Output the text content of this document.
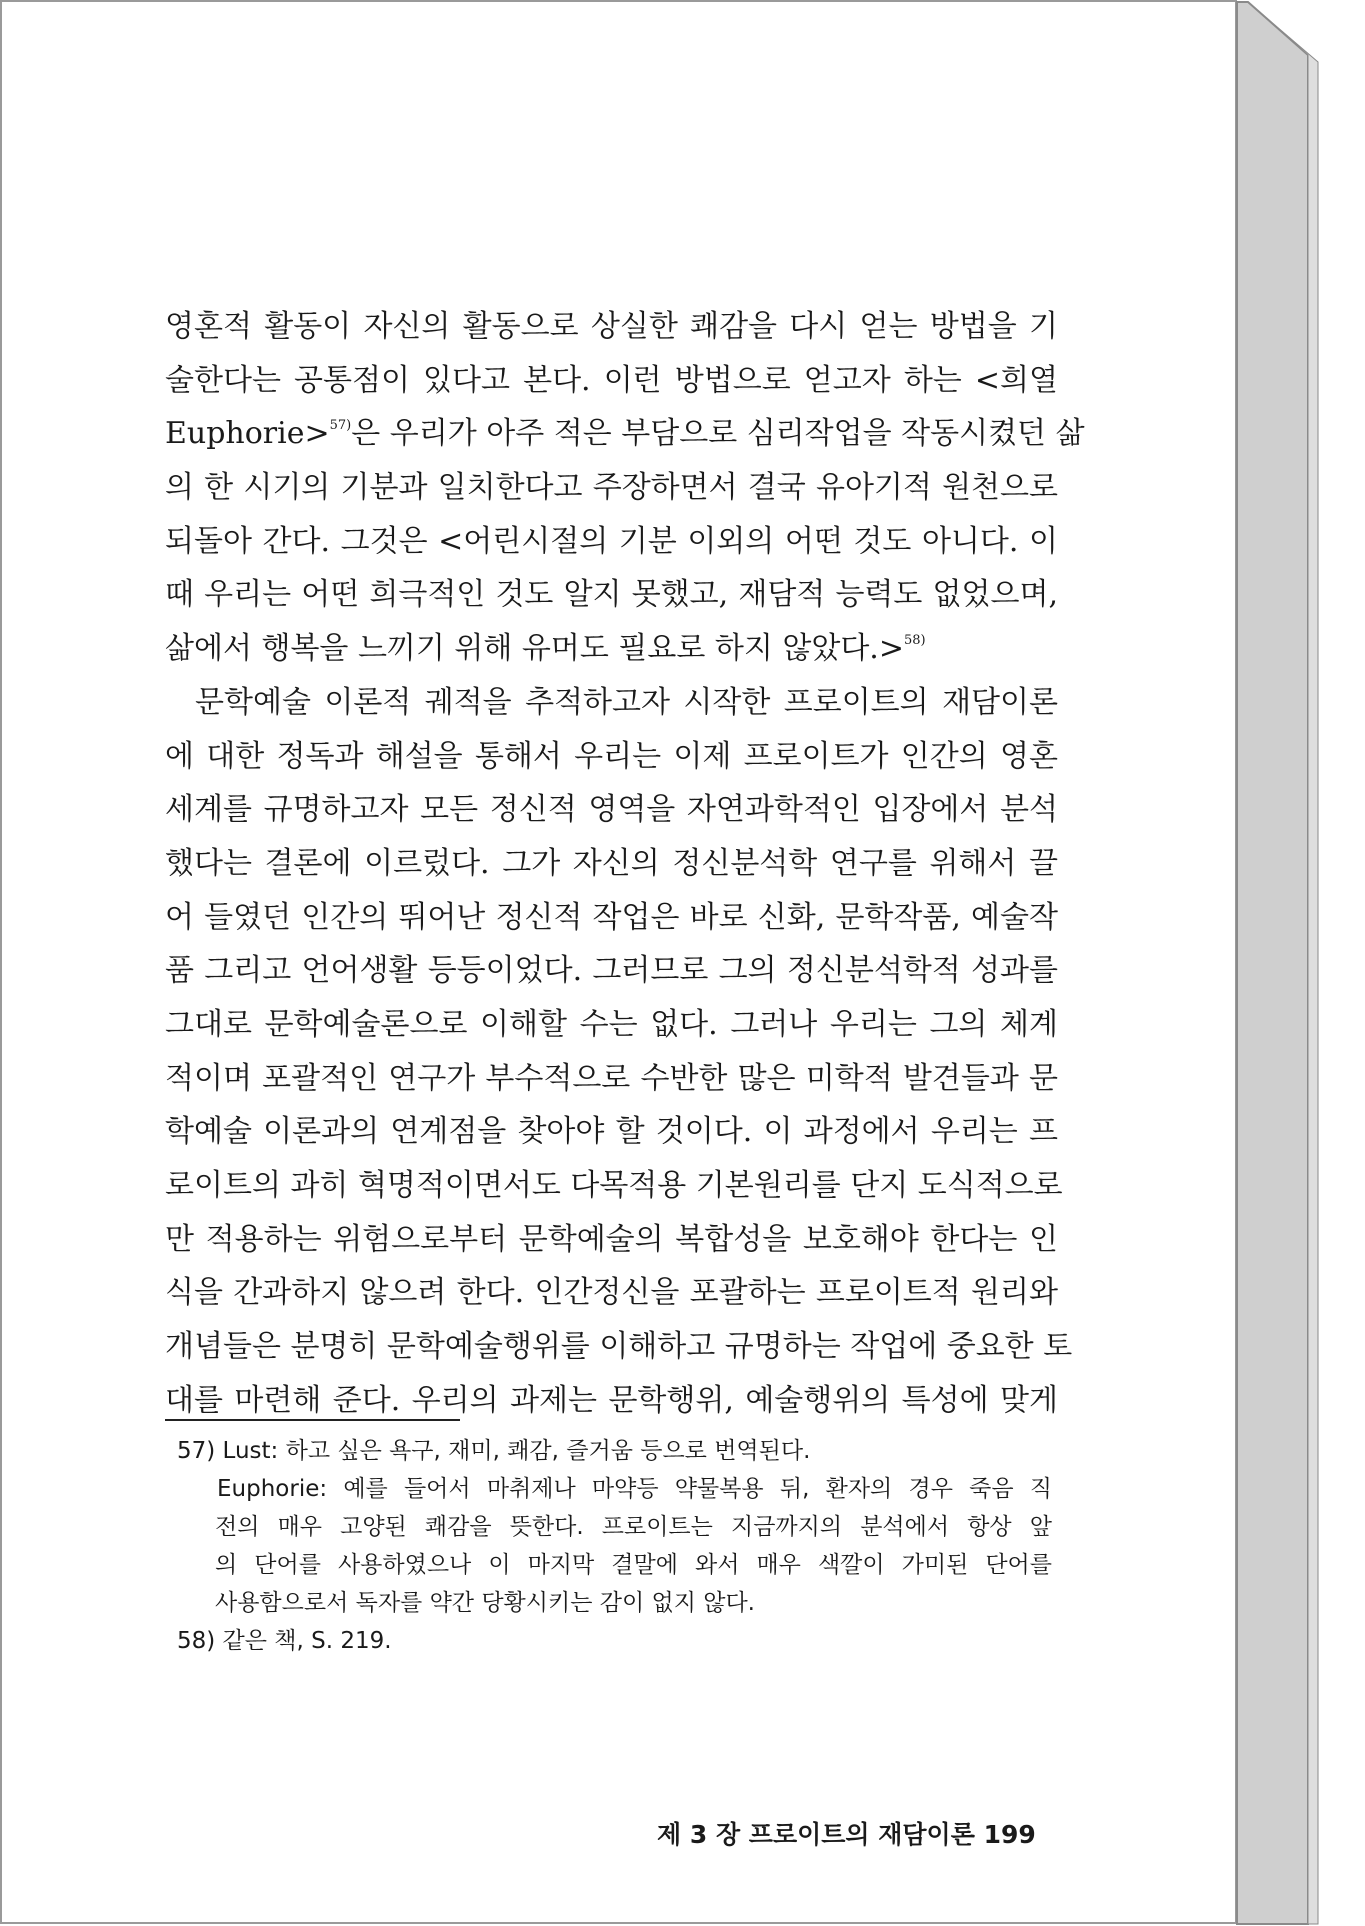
영혼적 활동이 자신의 활동으로 상실한 쾌감을 다시 얻는 방법을 기
술한다는 공통점이 있다고 본다. 이런 방법으로 얻고자 하는 <희열
Euphorie>$^{57)}$은 우리가 아주 적은 부담으로 심리작업을 작동시켰던 삶
의 한 시기의 기분과 일치한다고 주장하면서 결국 유아기적 원천으로
되돌아 간다. 그것은 <어린시절의 기분 이외의 어떤 것도 아니다. 이
때 우리는 어떤 희극적인 것도 알지 못했고, 재담적 능력도 없었으며,
삶에서 행복을 느끼기 위해 유머도 필요로 하지 않았다.>$^{58)}$
문학예술 이론적 궤적을 추적하고자 시작한 프로이트의 재담이론
에 대한 정독과 해설을 통해서 우리는 이제 프로이트가 인간의 영혼
세계를 규명하고자 모든 정신적 영역을 자연과학적인 입장에서 분석
했다는 결론에 이르렀다. 그가 자신의 정신분석학 연구를 위해서 끌
어 들였던 인간의 뛰어난 정신적 작업은 바로 신화, 문학작품, 예술작
품 그리고 언어생활 등등이었다. 그러므로 그의 정신분석학적 성과를
그대로 문학예술론으로 이해할 수는 없다. 그러나 우리는 그의 체계
적이며 포괄적인 연구가 부수적으로 수반한 많은 미학적 발견들과 문
학예술 이론과의 연계점을 찾아야 할 것이다. 이 과정에서 우리는 프
로이트의 과히 혁명적이면서도 다목적용 기본원리를 단지 도식적으로
만 적용하는 위험으로부터 문학예술의 복합성을 보호해야 한다는 인
식을 간과하지 않으려 한다. 인간정신을 포괄하는 프로이트적 원리와
개념들은 분명히 문학예술행위를 이해하고 규명하는 작업에 중요한 토
대를 마련해 준다. 우리의 과제는 문학행위, 예술행위의 특성에 맞게
57) Lust: 하고 싶은 욕구, 재미, 쾌감, 즐거움 등으로 번역된다.
Euphorie: 예를 들어서 마취제나 마약등 약물복용 뒤, 환자의 경우 죽음 직
전의 매우 고양된 쾌감을 뜻한다. 프로이트는 지금까지의 분석에서 항상 앞
의 단어를 사용하였으나 이 마지막 결말에 와서 매우 색깔이 가미된 단어를
사용함으로서 독자를 약간 당황시키는 감이 없지 않다.
58) 같은 책, S. 219.
제 3 장 프로이트의 재담이론 199
